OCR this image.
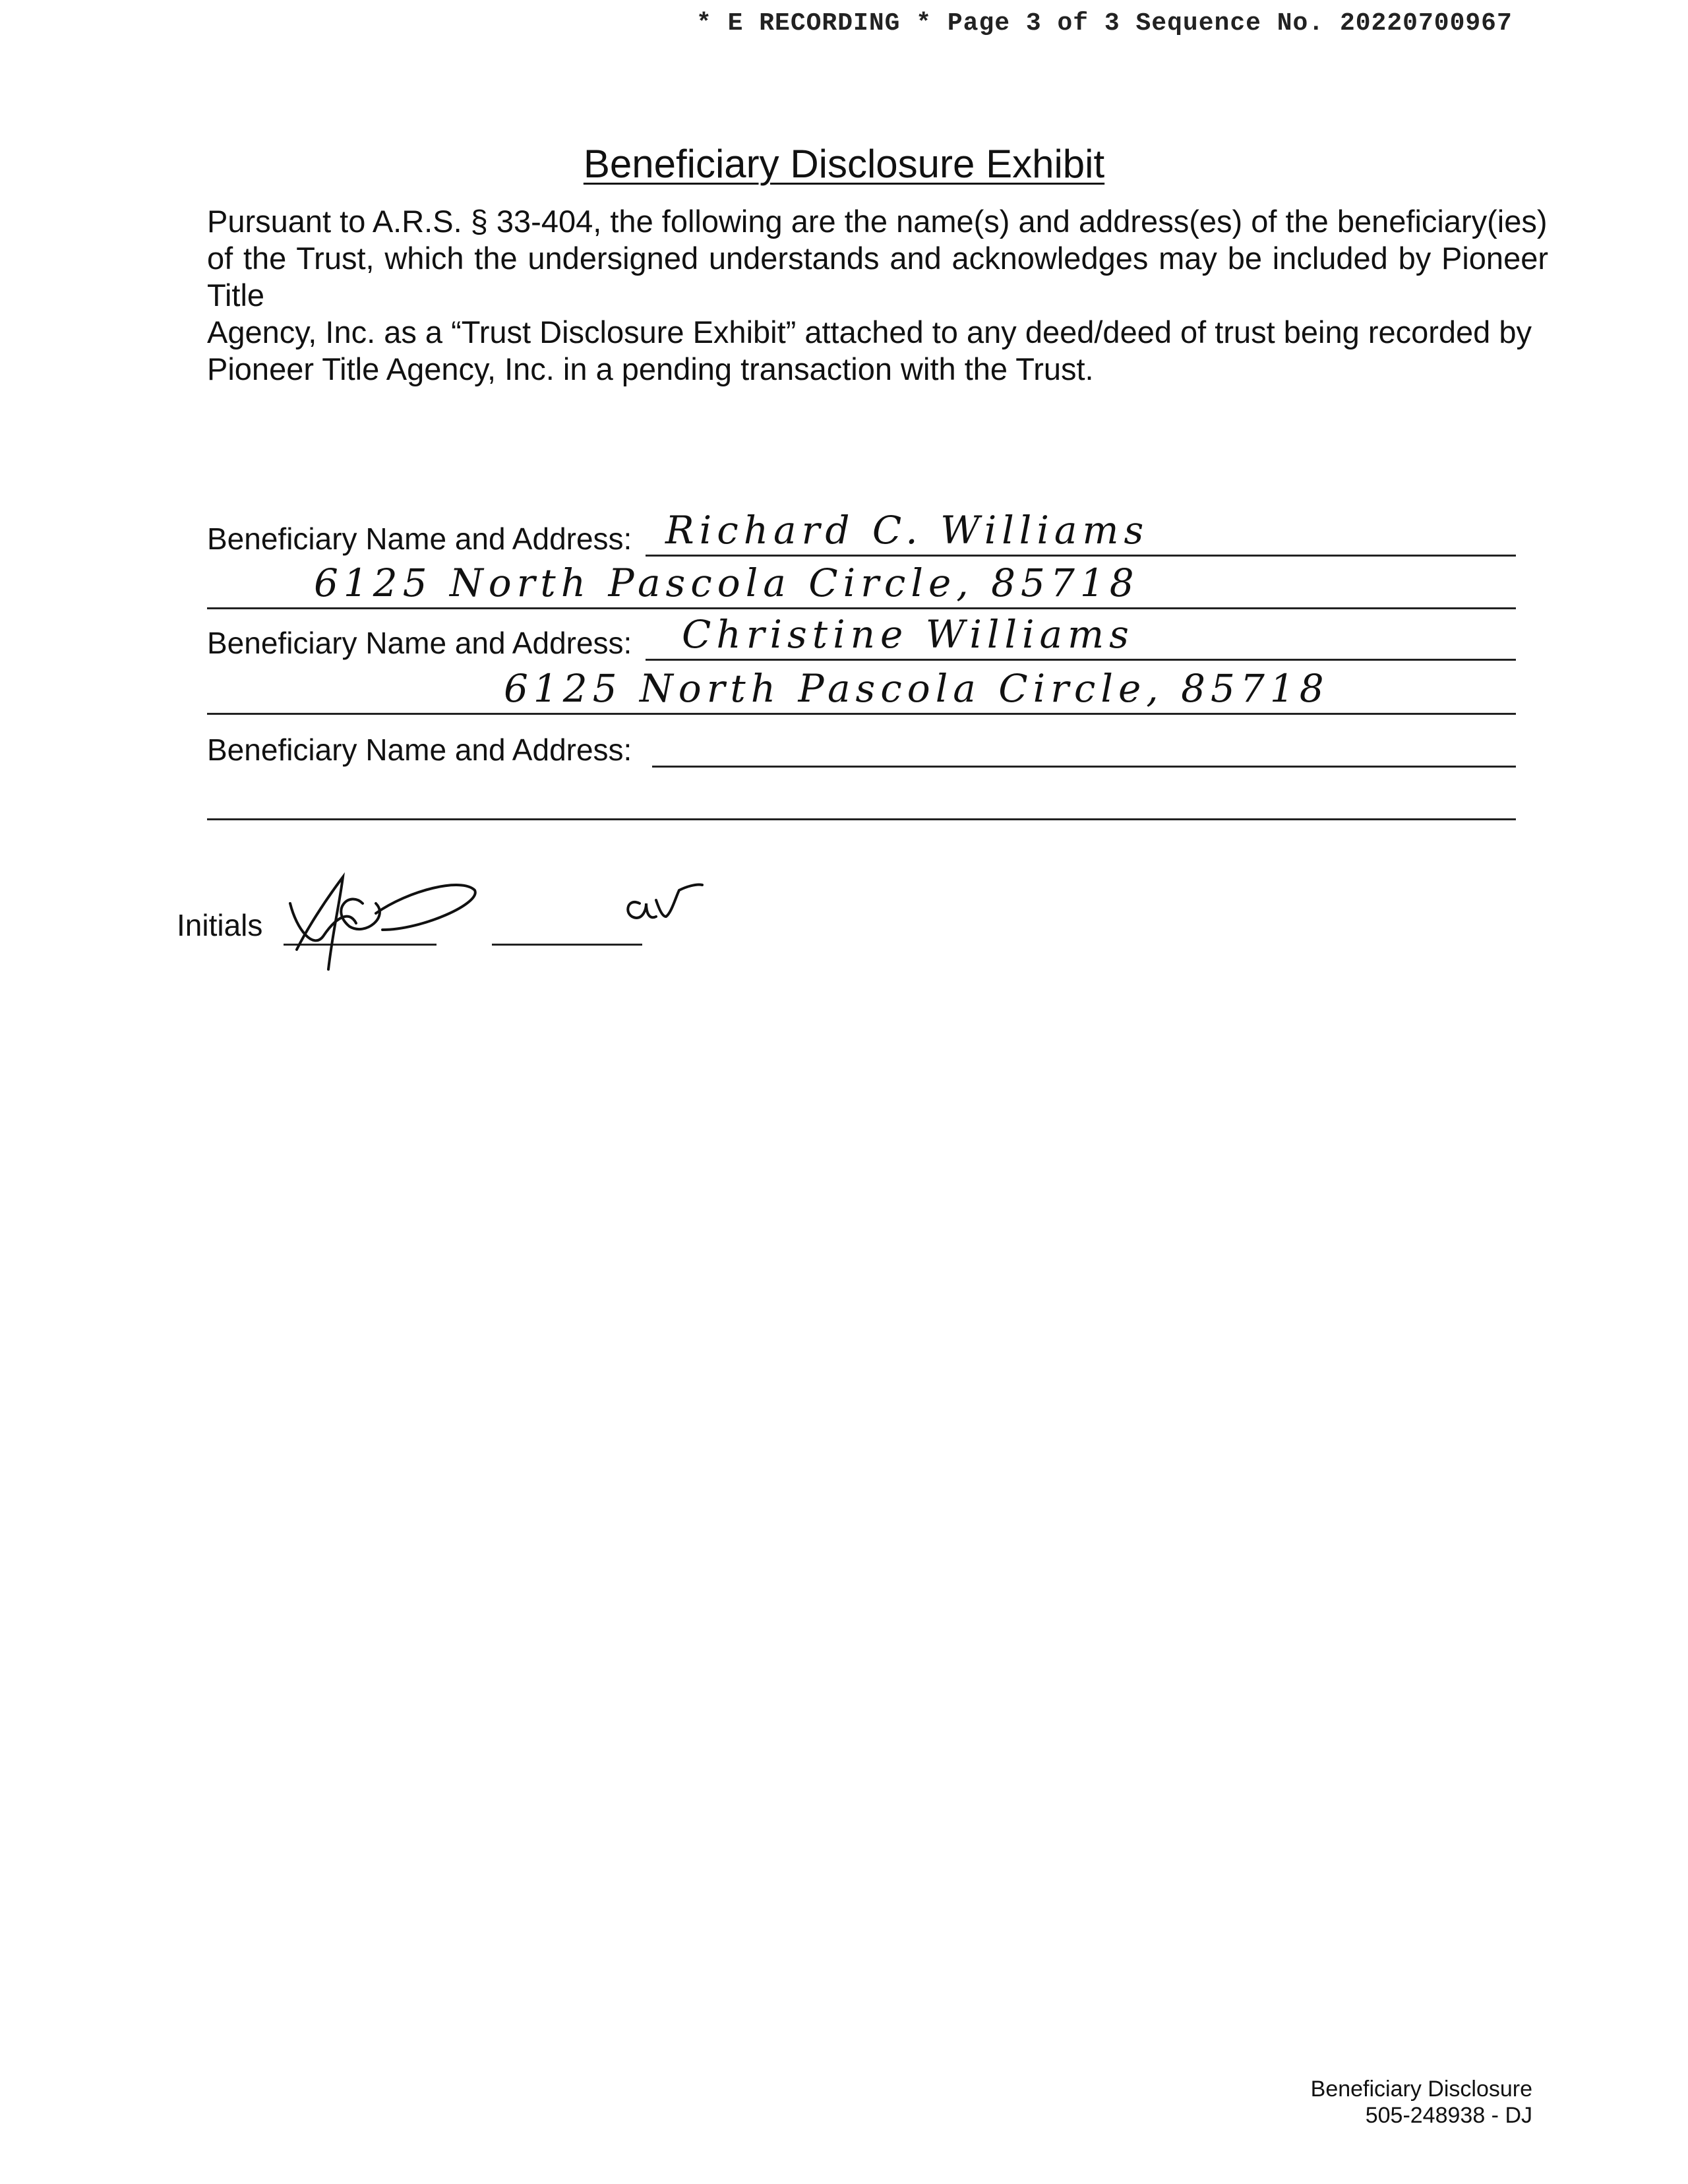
* E RECORDING * Page 3 of 3 Sequence No. 20220700967
Beneficiary Disclosure Exhibit
Pursuant to A.R.S. § 33-404, the following are the name(s) and address(es) of the beneficiary(ies)
of the Trust, which the undersigned understands and acknowledges may be included by Pioneer Title
Agency, Inc. as a “Trust Disclosure Exhibit” attached to any deed/deed of trust being recorded by
Pioneer Title Agency, Inc. in a pending transaction with the Trust.
Beneficiary Name and Address: Richard C. Williams
6125 North Pascola Circle, 85718
Beneficiary Name and Address: Christine Williams
6125 North Pascola Circle, 85718
Beneficiary Name and Address:
Initials
Beneficiary Disclosure
505-248938 - DJ
